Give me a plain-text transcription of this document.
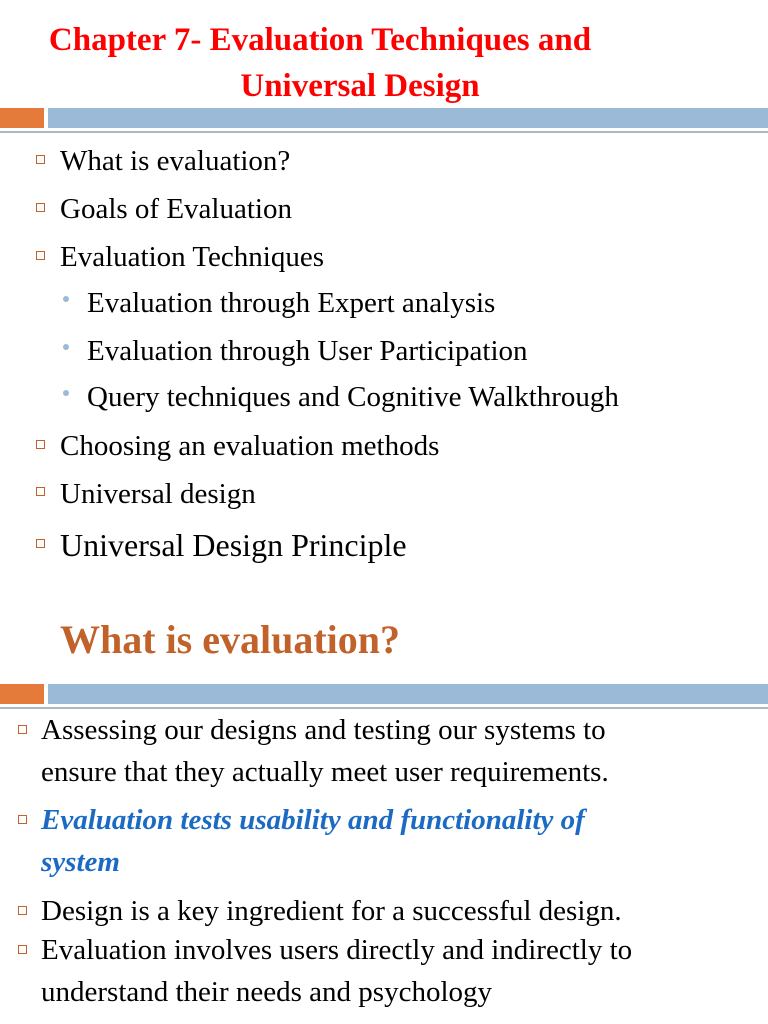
Chapter 7- Evaluation Techniques and
Universal Design
What is evaluation?
Goals of Evaluation
Evaluation Techniques
Evaluation through Expert analysis
Evaluation through User Participation
Query techniques and Cognitive Walkthrough
Choosing an evaluation methods
Universal design
Universal Design Principle
What is evaluation?
Assessing our designs and testing our systems to
ensure that they actually meet user requirements.
Evaluation tests usability and functionality of
system
Design is a key ingredient for a successful design.
Evaluation involves users directly and indirectly to
understand their needs and psychology
